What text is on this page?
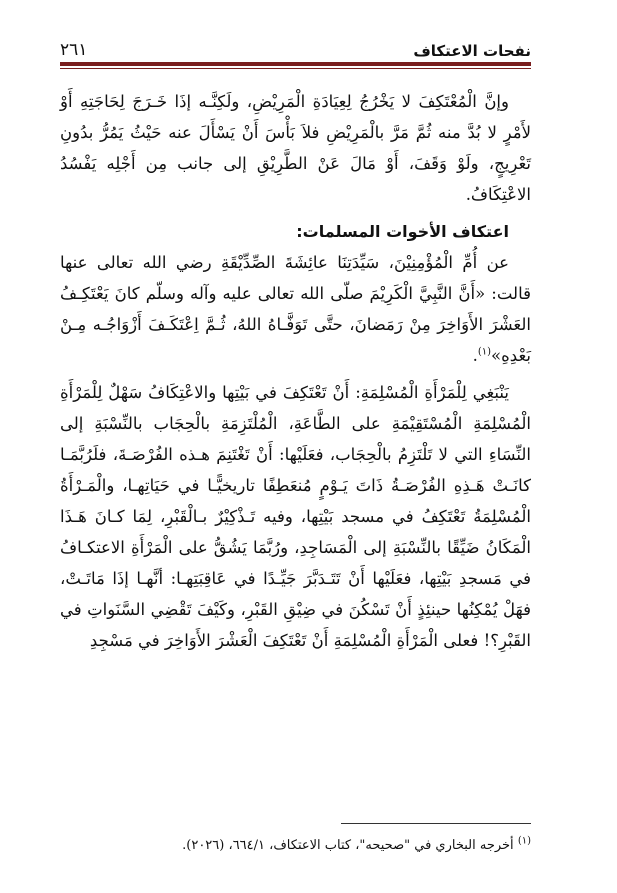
نفحات الاعتكاف
٢٦١

وإنَّ الْمُعْتَكِفَ لا يَخْرُجُ لِعِيَادَةِ الْمَرِيْضِ، ولَكِنَّـه إذَا خَـرَجَ لِحَاجَتِهِ أَوْ لأَمْرٍ لا بُدَّ منه ثُمَّ مَرَّ بالْمَرِيْضِ فلاَ بَأْسَ أَنْ يَسْأَلَ عنه حَيْثُ يَمُرُّ بدُونِ تَعْرِيجٍ، ولَوْ وَقَفَ، أَوْ مَالَ عَنْ الطَّرِيْقِ إلى جانب مِن أَجْلِه يَفْسُدُ الاعْتِكَافُ.

اعتكاف الأخوات المسلمات:

عن أُمِّ الْمُؤْمِنِيْنَ، سَيِّدَتِنَا عائِشَةَ الصِّدِّيْقَةِ رضي الله تعالى عنها قالت: «أَنَّ النَّبِيَّ الْكَرِيْمَ صلّى الله تعالى عليه وآله وسلّم كانَ يَعْتَكِـفُ العَشْرَ الأَوَاخِرَ مِنْ رَمَضانَ، حتَّى تَوَفَّـاهُ اللهُ، ثُـمَّ اِعْتَكَـفَ أَزْوَاجُـه مِـنْ بَعْدِهِ»$^{(١)}$.

يَنْبَغِي لِلْمَرْأَةِ الْمُسْلِمَةِ: أَنْ تَعْتَكِفَ في بَيْتِها والاعْتِكَافُ سَهْلٌ لِلْمَرْأَةِ الْمُسْلِمَةِ الْمُسْتَقِيْمَةِ على الطَّاعَةِ، الْمُلْتَزِمَةِ بالْحِجَاب بالنِّسْبَةِ إلى النِّسَاءِ التي لا تَلْتَزِمُ بالْحِجَاب، فعَلَيْها: أَنْ تَغْتَنِمَ هـذه الفُرْصَـةَ، فلَرُبَّمَـا كانَـتْ هَـذِهِ الفُرْصَـةُ ذَاتَ يَـوْمٍ مُنعَطِفًا تاريخيًّـا في حَيَاتِهـا، والْمَـرْأَةُ الْمُسْلِمَةُ تَعْتَكِفُ في مسجد بَيْتِها، وفيه تَـذْكِيْرٌ بـالْقَبْرِ، لِمَا كـانَ هَـذَا الْمَكَانُ ضَيِّقًا بالنِّسْبَةِ إلى الْمَسَاجِدِ، ورُبَّمَا يَشُقُّ على الْمَرْأَةِ الاعتكـافُ في مَسجدِ بَيْتِها، فعَلَيْها أَنْ تَتَـدَبَّرَ جَيِّـدًا في عَاقِبَتِهـا: أنَّهـا إذَا مَاتَـتْ، فهَلْ يُمْكِنُها حينئِذٍ أَنْ تَسْكُنَ في ضِيْقِ القَبْرِ، وكَيْفَ تَقْضِي السَّنَواتِ في القَبْرِ؟! فعلى الْمَرْأَةِ الْمُسْلِمَةِ أَنْ تَعْتَكِفَ الْعَشْرَ الأَوَاخِرَ في مَسْجِدِ

$^{(١)}$ أخرجه البخاري في "صحيحه"، كتاب الاعتكاف، ٦٦٤/١، (٢٠٢٦).
